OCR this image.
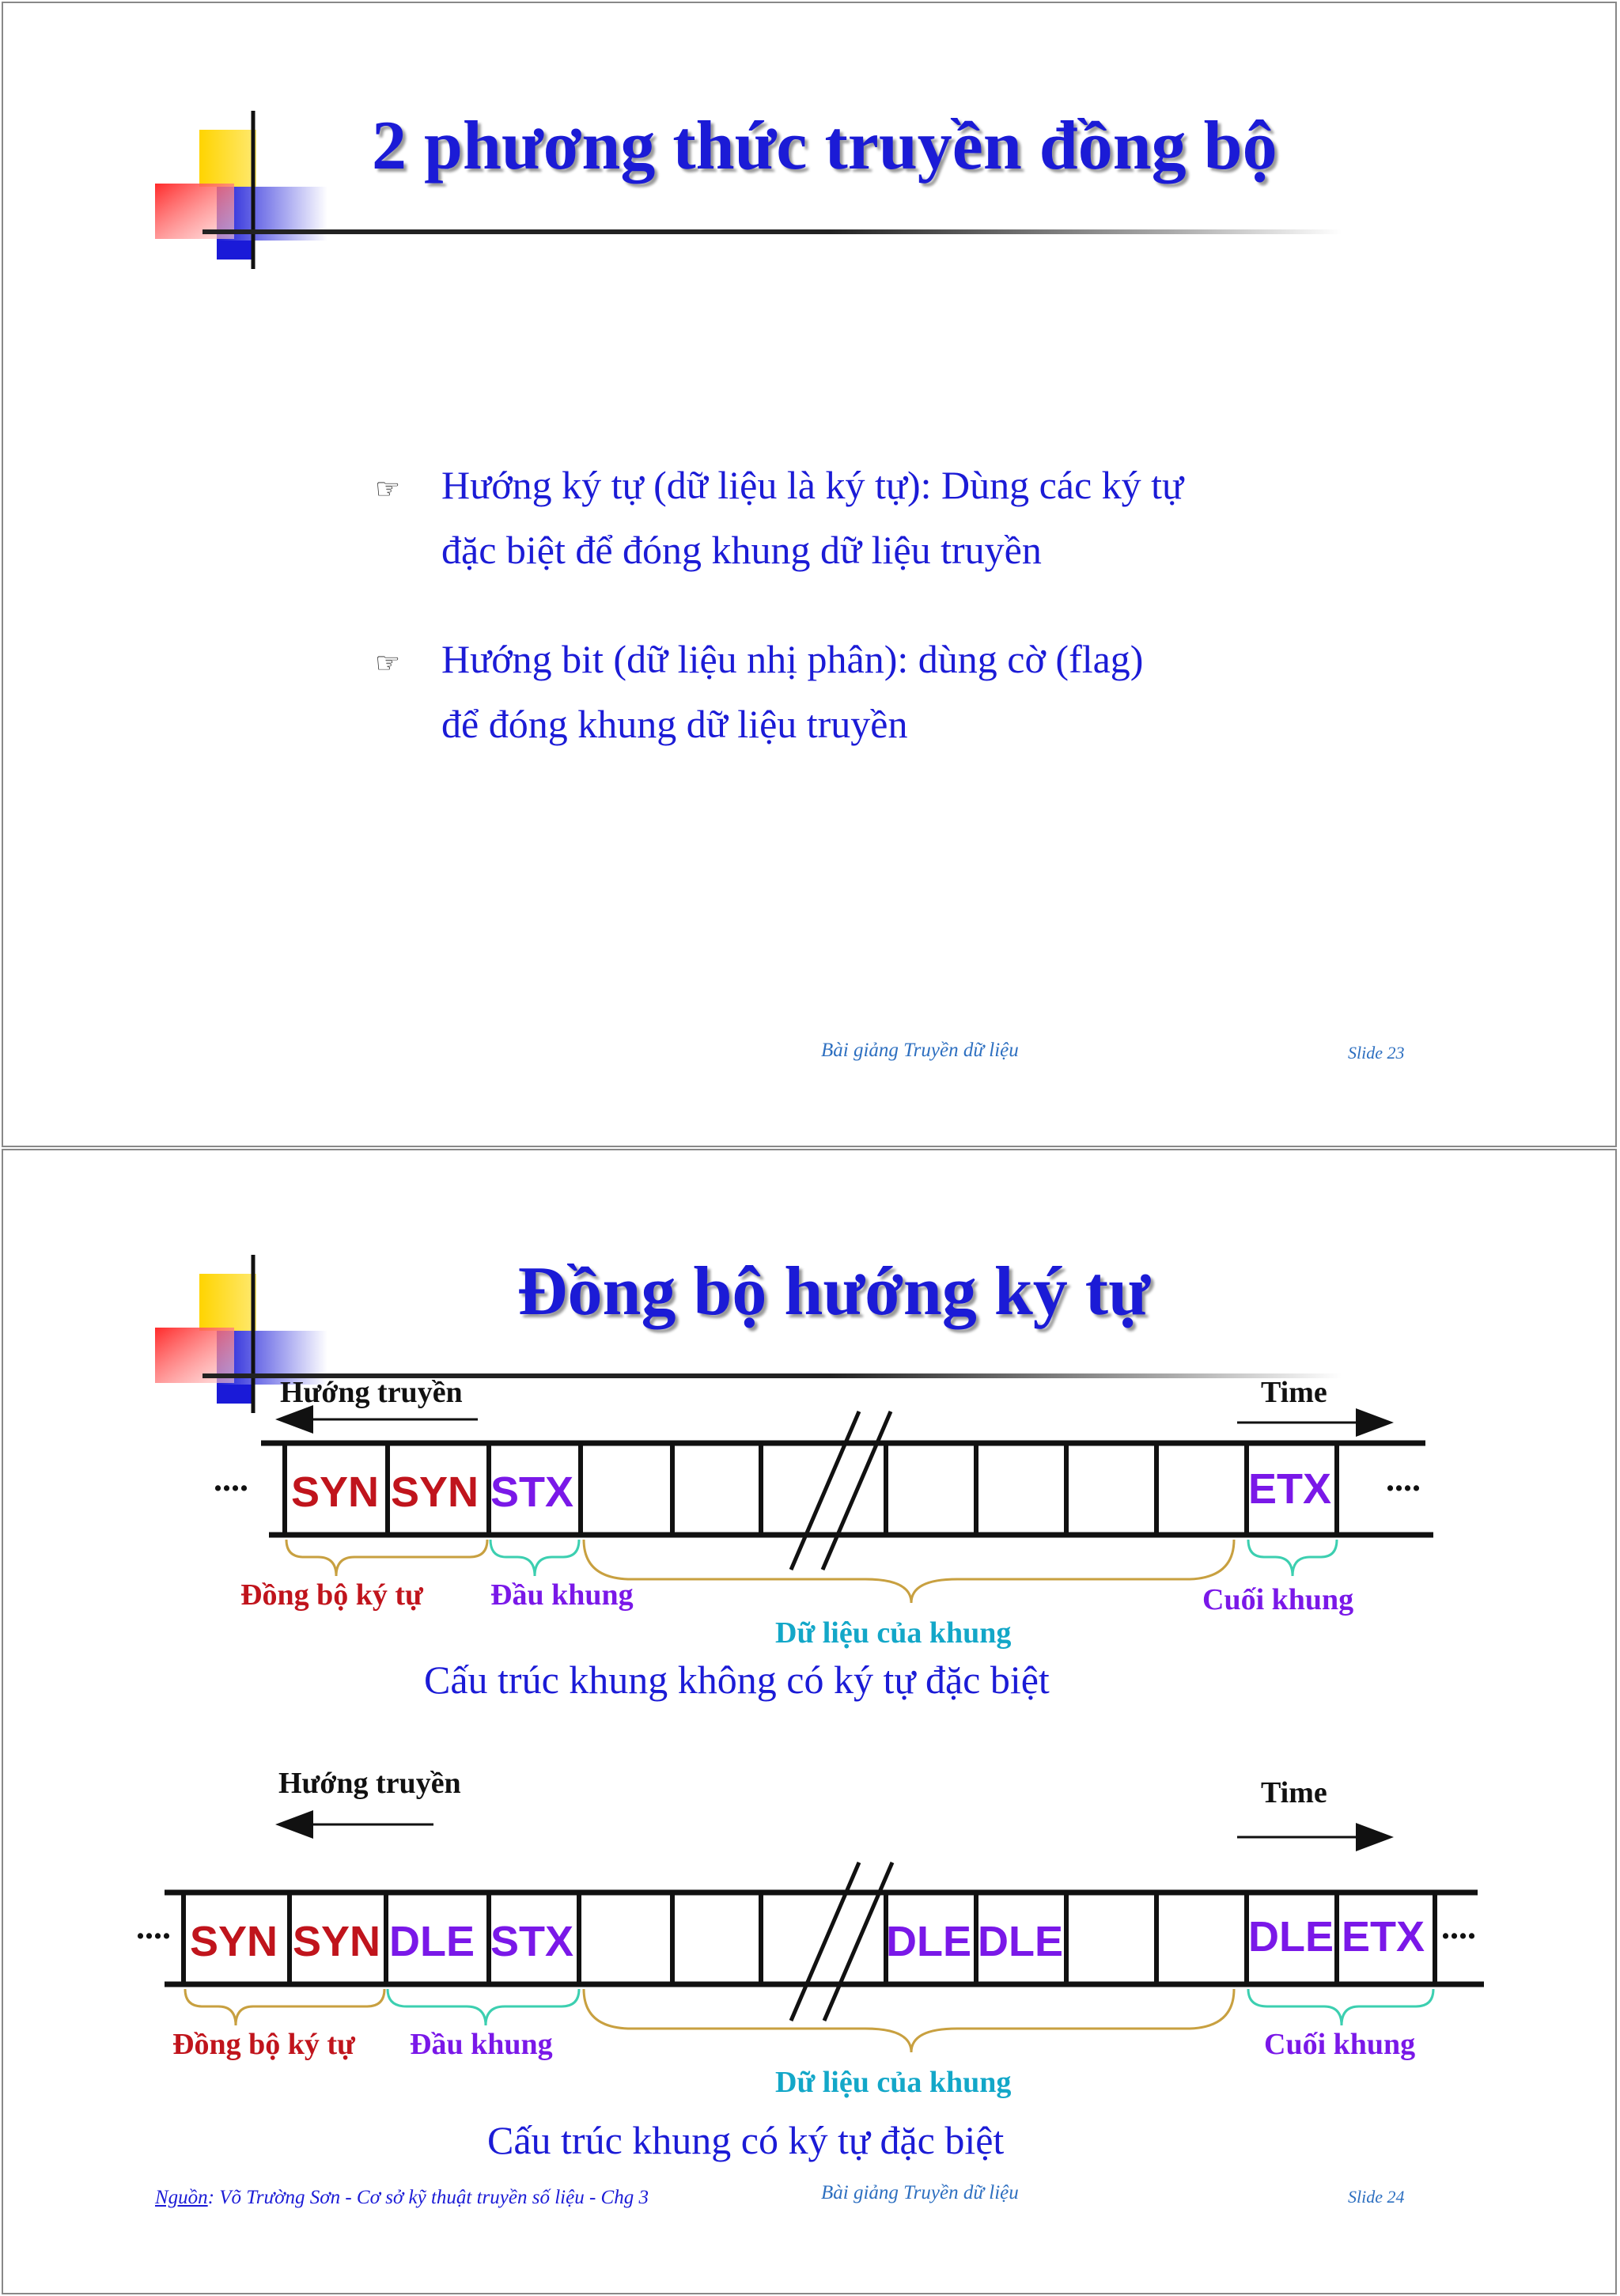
2 phương thức truyền đồng bộ
☞ Hướng ký tự (dữ liệu là ký tự): Dùng các ký tự
đặc biệt để đóng khung dữ liệu truyền
☞ Hướng bit (dữ liệu nhị phân): dùng cờ (flag)
để đóng khung dữ liệu truyền
Bài giảng Truyền dữ liệu	Slide 23
Đồng bộ hướng ký tự
SYN SYN STX	ETX
SYN SYN DLE STX	DLE DLE	DLE ETX
Hướng truyền	Time
....	....
Đồng bộ ký tự Đầu khung
Dữ liệu của khung
Cuối khung
Cấu trúc khung không có ký tự đặc biệt
Hướng truyền	Time
....	....
Đồng bộ ký tự Đầu khung
Dữ liệu của khung
Cuối khung
Cấu trúc khung có ký tự đặc biệt
Nguồn: Võ Trường Sơn - Cơ sở kỹ thuật truyền số liệu - Chg 3	Bài giảng Truyền dữ liệu	Slide 24
